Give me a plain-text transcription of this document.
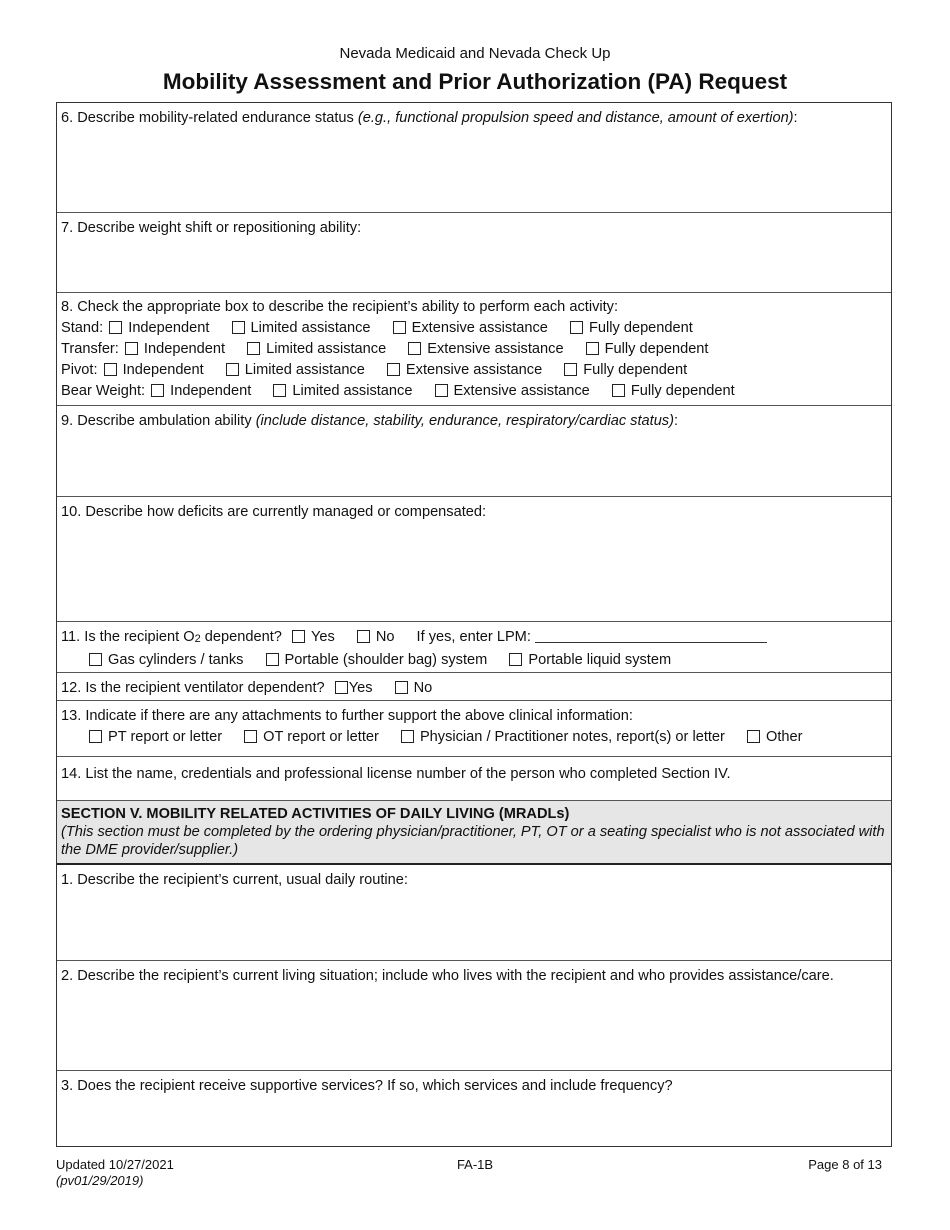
Nevada Medicaid and Nevada Check Up
Mobility Assessment and Prior Authorization (PA) Request
6. Describe mobility-related endurance status (e.g., functional propulsion speed and distance, amount of exertion):
7. Describe weight shift or repositioning ability:
8. Check the appropriate box to describe the recipient’s ability to perform each activity:
Stand: Independent	Limited assistance	Extensive assistance	Fully dependent
Transfer: Independent	Limited assistance	Extensive assistance	Fully dependent
Pivot: Independent	Limited assistance	Extensive assistance	Fully dependent
Bear Weight: Independent	Limited assistance	Extensive assistance	Fully dependent
9. Describe ambulation ability (include distance, stability, endurance, respiratory/cardiac status):
10. Describe how deficits are currently managed or compensated:
11. Is the recipient O2 dependent? Yes	No If yes, enter LPM:
Gas cylinders / tanks	Portable (shoulder bag) system	Portable liquid system
12. Is the recipient ventilator dependent? Yes	No
13. Indicate if there are any attachments to further support the above clinical information:
PT report or letter	OT report or letter	Physician / Practitioner notes, report(s) or letter	Other
14. List the name, credentials and professional license number of the person who completed Section IV.
SECTION V. MOBILITY RELATED ACTIVITIES OF DAILY LIVING (MRADLs)
(This section must be completed by the ordering physician/practitioner, PT, OT or a seating specialist who is not associated with the DME provider/supplier.)
1. Describe the recipient’s current, usual daily routine:
2. Describe the recipient’s current living situation; include who lives with the recipient and who provides assistance/care.
3. Does the recipient receive supportive services? If so, which services and include frequency?
Updated 10/27/2021
(pv01/29/2019)
FA-1B	Page 8 of 13
